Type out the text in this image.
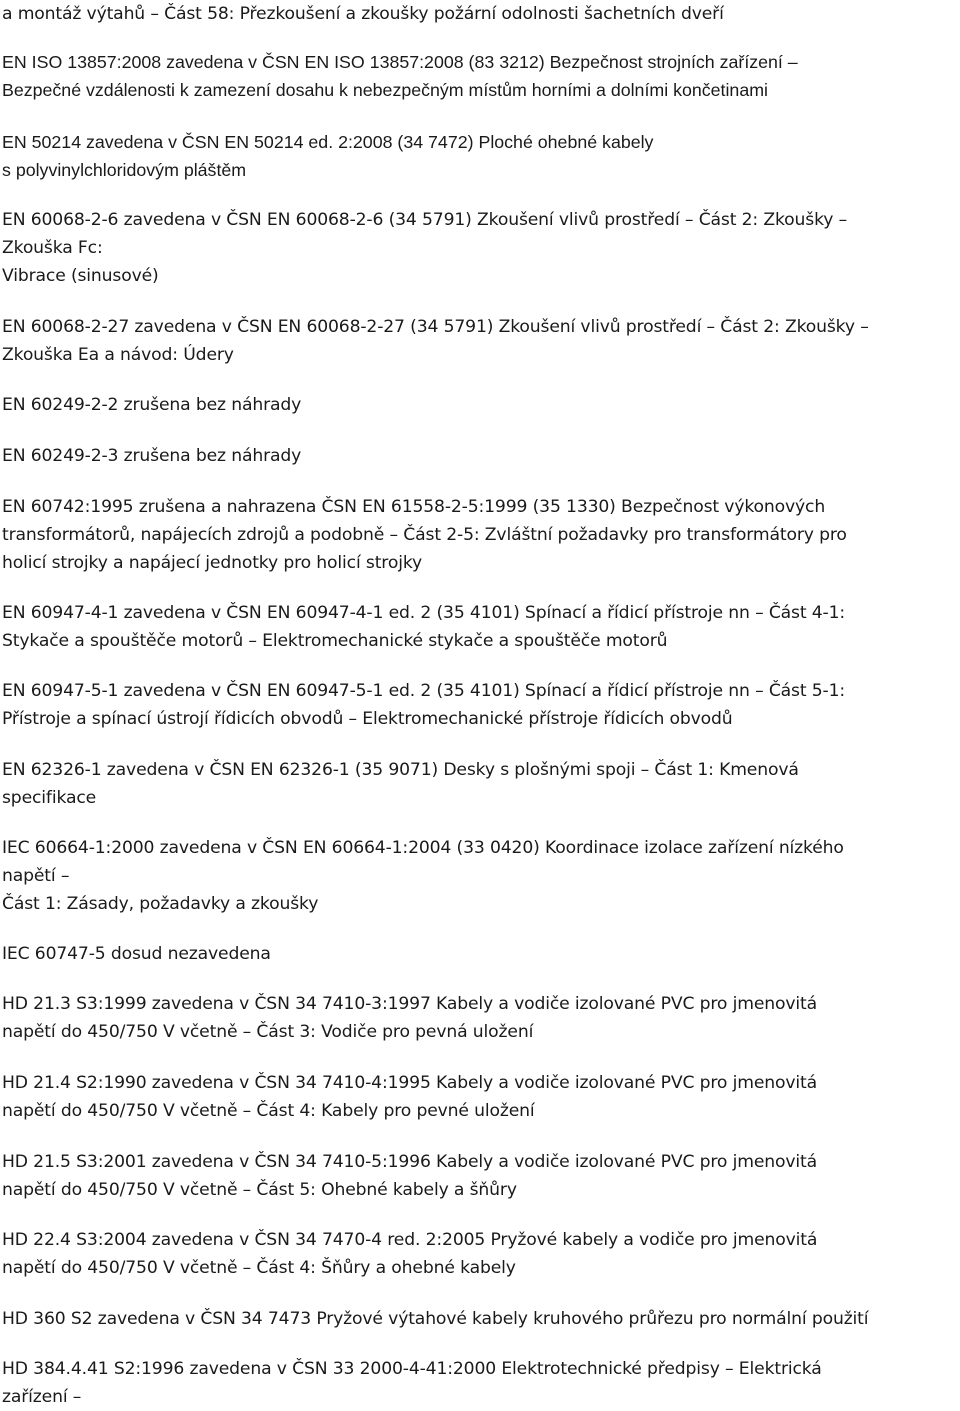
a montáž výtahů – Část 58: Přezkoušení a zkoušky požární odolnosti šachetních dveří
EN ISO 13857:2008 zavedena v ČSN EN ISO 13857:2008 (83 3212) Bezpečnost strojních zařízení –
Bezpečné vzdálenosti k zamezení dosahu k nebezpečným místům horními a dolními končetinami
EN 50214 zavedena v ČSN EN 50214 ed. 2:2008 (34 7472) Ploché ohebné kabely
s polyvinylchloridovým pláštěm
EN 60068-2-6 zavedena v ČSN EN 60068-2-6 (34 5791) Zkoušení vlivů prostředí – Část 2: Zkoušky –
Zkouška Fc:
Vibrace (sinusové)
EN 60068-2-27 zavedena v ČSN EN 60068-2-27 (34 5791) Zkoušení vlivů prostředí – Část 2: Zkoušky –
Zkouška Ea a návod: Údery
EN 60249-2-2 zrušena bez náhrady
EN 60249-2-3 zrušena bez náhrady
EN 60742:1995 zrušena a nahrazena ČSN EN 61558-2-5:1999 (35 1330) Bezpečnost výkonových
transformátorů, napájecích zdrojů a podobně – Část 2-5: Zvláštní požadavky pro transformátory pro
holicí strojky a napájecí jednotky pro holicí strojky
EN 60947-4-1 zavedena v ČSN EN 60947-4-1 ed. 2 (35 4101) Spínací a řídicí přístroje nn – Část 4-1:
Stykače a spouštěče motorů – Elektromechanické stykače a spouštěče motorů
EN 60947-5-1 zavedena v ČSN EN 60947-5-1 ed. 2 (35 4101) Spínací a řídicí přístroje nn – Část 5-1:
Přístroje a spínací ústrojí řídicích obvodů – Elektromechanické přístroje řídicích obvodů
EN 62326-1 zavedena v ČSN EN 62326-1 (35 9071) Desky s plošnými spoji – Část 1: Kmenová
specifikace
IEC 60664-1:2000 zavedena v ČSN EN 60664-1:2004 (33 0420) Koordinace izolace zařízení nízkého
napětí –
Část 1: Zásady, požadavky a zkoušky
IEC 60747-5 dosud nezavedena
HD 21.3 S3:1999 zavedena v ČSN 34 7410-3:1997 Kabely a vodiče izolované PVC pro jmenovitá
napětí do 450/750 V včetně – Část 3: Vodiče pro pevná uložení
HD 21.4 S2:1990 zavedena v ČSN 34 7410-4:1995 Kabely a vodiče izolované PVC pro jmenovitá
napětí do 450/750 V včetně – Část 4: Kabely pro pevné uložení
HD 21.5 S3:2001 zavedena v ČSN 34 7410-5:1996 Kabely a vodiče izolované PVC pro jmenovitá
napětí do 450/750 V včetně – Část 5: Ohebné kabely a šňůry
HD 22.4 S3:2004 zavedena v ČSN 34 7470-4 red. 2:2005 Pryžové kabely a vodiče pro jmenovitá
napětí do 450/750 V včetně – Část 4: Šňůry a ohebné kabely
HD 360 S2 zavedena v ČSN 34 7473 Pryžové výtahové kabely kruhového průřezu pro normální použití
HD 384.4.41 S2:1996 zavedena v ČSN 33 2000-4-41:2000 Elektrotechnické předpisy – Elektrická
zařízení –
